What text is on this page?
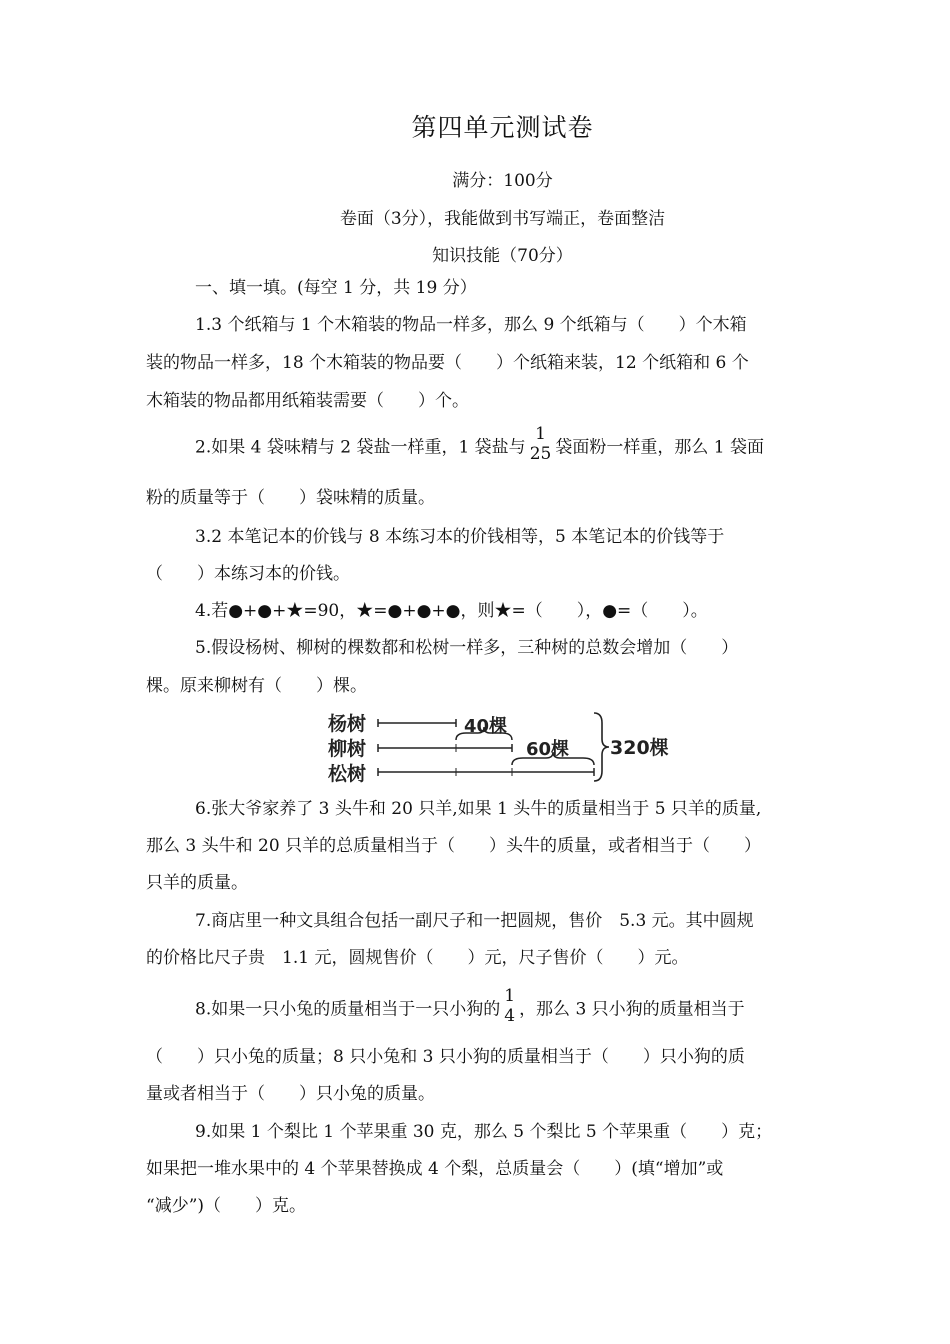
第四单元测试卷
满分：100分
卷面（3分），我能做到书写端正，卷面整洁
知识技能（70分）
一、填一填。(每空 1 分，共 19 分）
1.3 个纸箱与 1 个木箱装的物品一样多，那么 9 个纸箱与（　　）个木箱
装的物品一样多，18 个木箱装的物品要（　　）个纸箱来装，12 个纸箱和 6 个
木箱装的物品都用纸箱装需要（　　）个。
2.如果 4 袋味精与 2 袋盐一样重，1 袋盐与
1
25 袋面粉一样重，那么 1 袋面
粉的质量等于（　　）袋味精的质量。
3.2 本笔记本的价钱与 8 本练习本的价钱相等，5 本笔记本的价钱等于
（　　）本练习本的价钱。
4.若●+●+★=90，★=●+●+●，则★=（　　），●=（　　）。
5.假设杨树、柳树的棵数都和松树一样多，三种树的总数会增加（　　）
棵。原来柳树有（　　）棵。
杨树
柳树
松树
40棵
60棵 320棵
6.张大爷家养了 3 头牛和 20 只羊,如果 1 头牛的质量相当于 5 只羊的质量,
那么 3 头牛和 20 只羊的总质量相当于（　　）头牛的质量，或者相当于（　　）
只羊的质量。
7.商店里一种文具组合包括一副尺子和一把圆规，售价　5.3 元。其中圆规
的价格比尺子贵　1.1 元，圆规售价（　　）元，尺子售价（　　）元。
8.如果一只小兔的质量相当于一只小狗的
1
4 ，那么 3 只小狗的质量相当于
（　　）只小兔的质量；8 只小兔和 3 只小狗的质量相当于（　　）只小狗的质
量或者相当于（　　）只小兔的质量。
9.如果 1 个梨比 1 个苹果重 30 克，那么 5 个梨比 5 个苹果重（　　）克；
如果把一堆水果中的 4 个苹果替换成 4 个梨，总质量会（　　）(填“增加”或
“减少”)（　　）克。
